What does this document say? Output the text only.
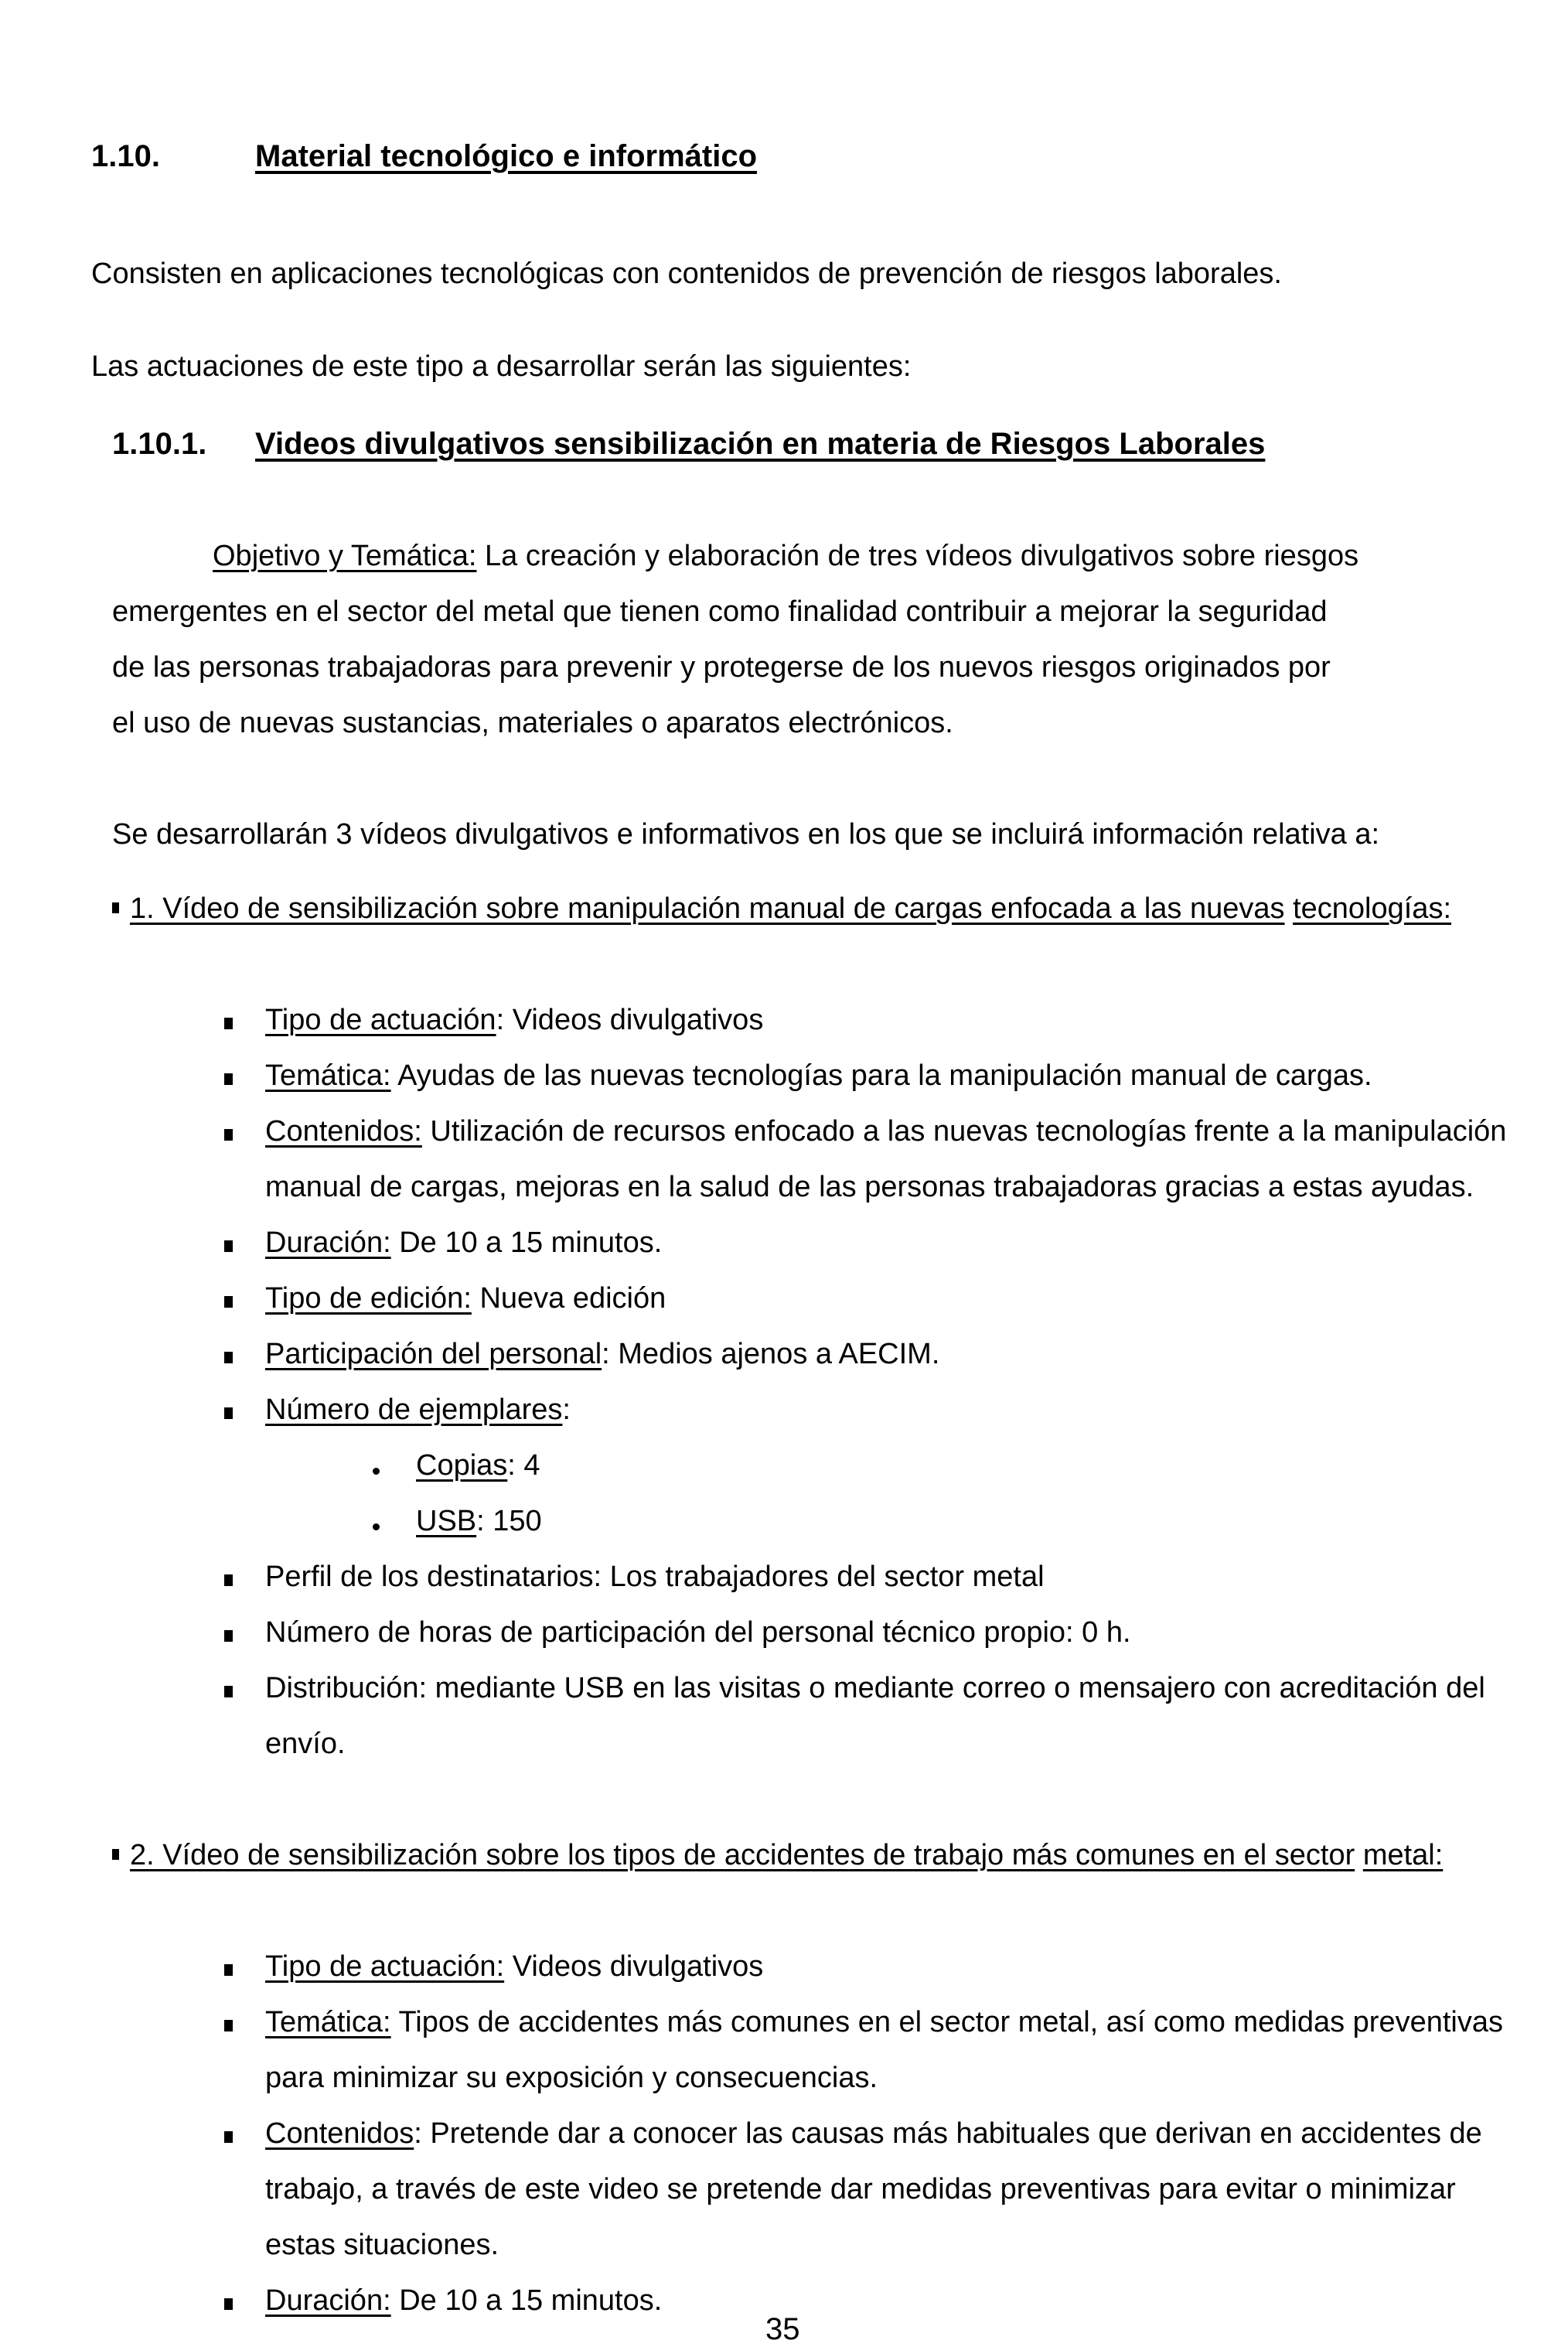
1.10.	Material tecnológico e informático
Consisten en aplicaciones tecnológicas con contenidos de prevención de riesgos laborales.
Las actuaciones de este tipo a desarrollar serán las siguientes:
1.10.1. Videos divulgativos sensibilización en materia de Riesgos Laborales
Objetivo y Temática: La creación y elaboración de tres vídeos divulgativos sobre riesgos
emergentes en el sector del metal que tienen como finalidad contribuir a mejorar la seguridad
de las personas trabajadoras para prevenir y protegerse de los nuevos riesgos originados por
el uso de nuevas sustancias, materiales o aparatos electrónicos.
Se desarrollarán 3 vídeos divulgativos e informativos en los que se incluirá información relativa a:
1. Vídeo de sensibilización sobre manipulación manual de cargas enfocada a las nuevas tecnologías:
Tipo de actuación: Videos divulgativos
Temática: Ayudas de las nuevas tecnologías para la manipulación manual de cargas.
Contenidos: Utilización de recursos enfocado a las nuevas tecnologías frente a la manipulación
manual de cargas, mejoras en la salud de las personas trabajadoras gracias a estas ayudas.
Duración: De 10 a 15 minutos.
Tipo de edición: Nueva edición
Participación del personal: Medios ajenos a AECIM.
Número de ejemplares:
Copias: 4
USB: 150
Perfil de los destinatarios: Los trabajadores del sector metal
Número de horas de participación del personal técnico propio: 0 h.
Distribución: mediante USB en las visitas o mediante correo o mensajero con acreditación del
envío.
2. Vídeo de sensibilización sobre los tipos de accidentes de trabajo más comunes en el sector metal:
Tipo de actuación: Videos divulgativos
Temática: Tipos de accidentes más comunes en el sector metal, así como medidas preventivas
para minimizar su exposición y consecuencias.
Contenidos: Pretende dar a conocer las causas más habituales que derivan en accidentes de
trabajo, a través de este video se pretende dar medidas preventivas para evitar o minimizar
estas situaciones.
Duración: De 10 a 15 minutos.
35
